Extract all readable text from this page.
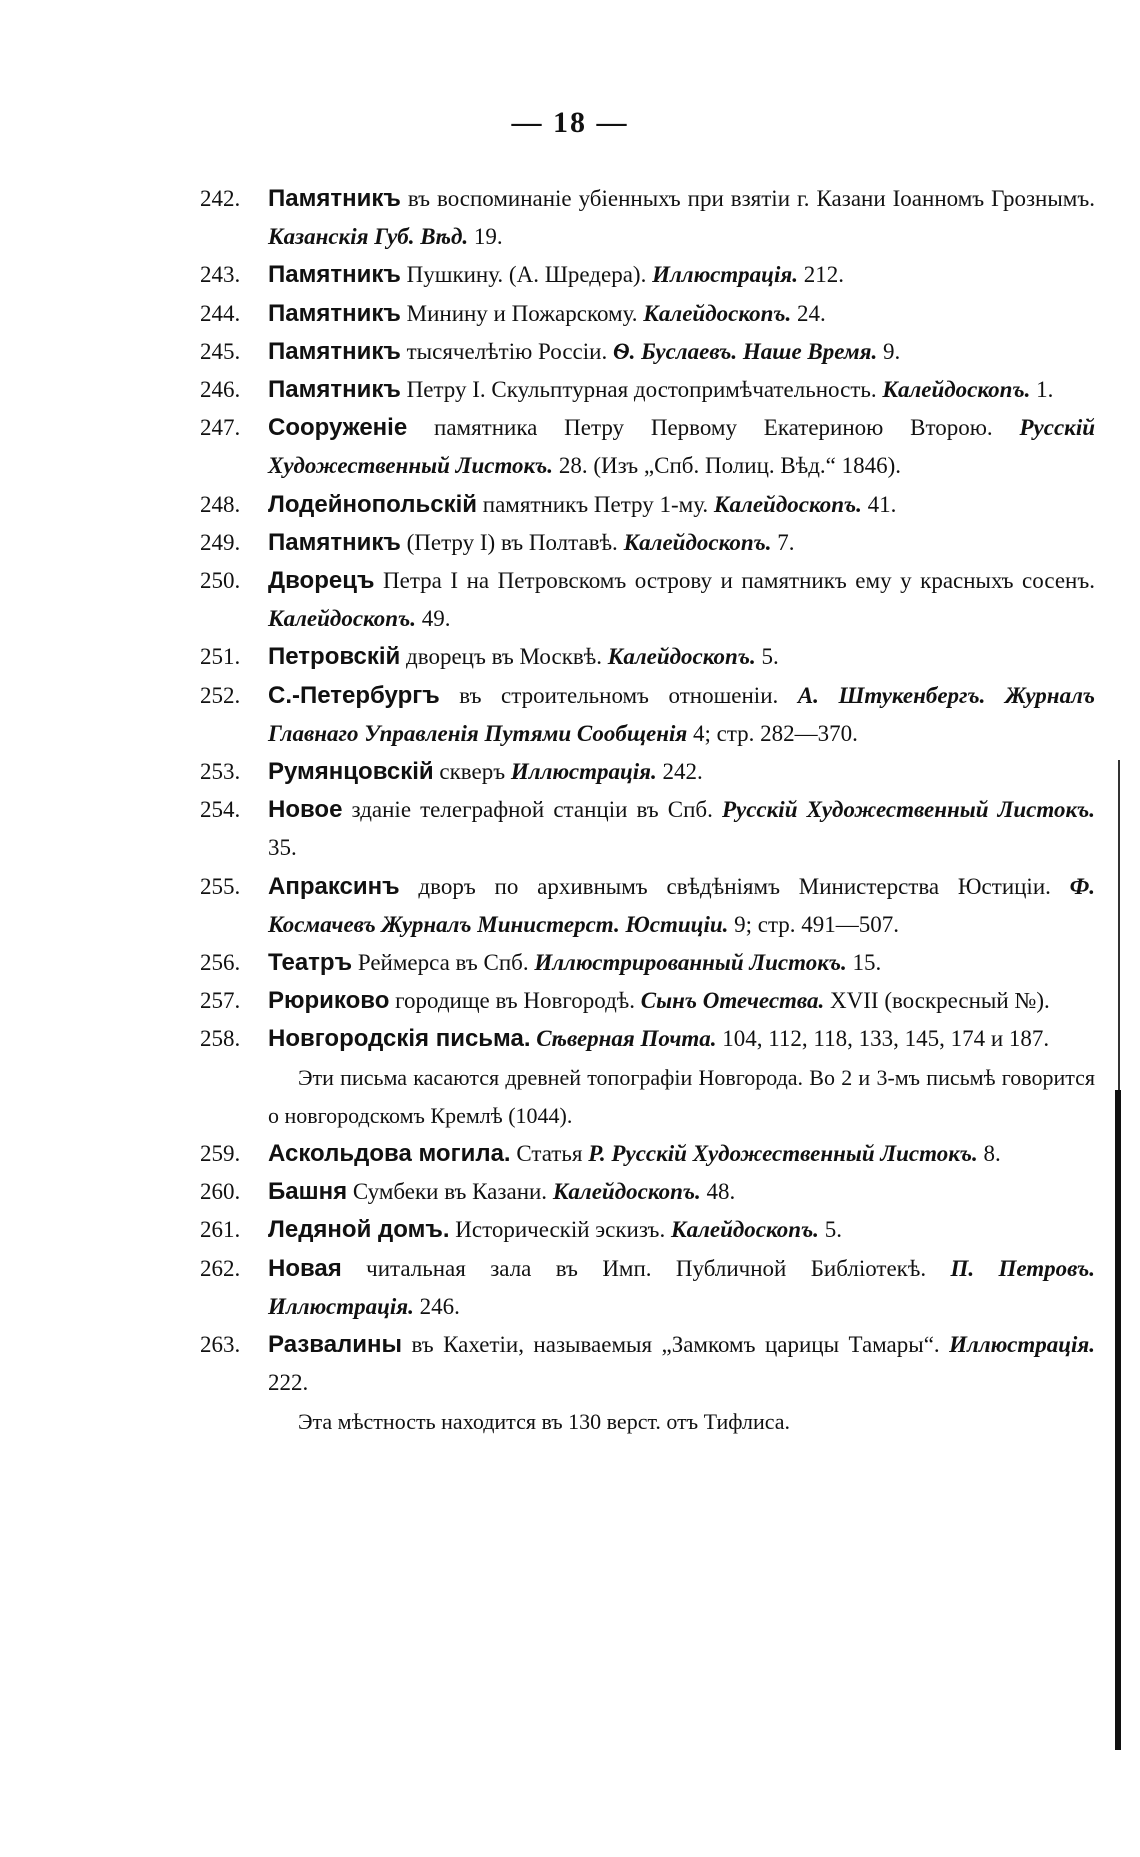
— 18 —
242. Памятникъ въ воспоминаніе убіенныхъ при взятіи г. Казани Іоанномъ Грознымъ. Казанскія Губ. Вѣд. 19.
243. Памятникъ Пушкину. (А. Шредера). Иллюстрація. 212.
244. Памятникъ Минину и Пожарскому. Калейдоскопъ. 24.
245. Памятникъ тысячелѣтію Россіи. Ѳ. Буслаевъ. Наше Время. 9.
246. Памятникъ Петру I. Скульптурная достопримѣчательность. Калейдоскопъ. 1.
247. Сооруженіе памятника Петру Первому Екатериною Второю. Русскій Художественный Листокъ. 28. (Изъ „Спб. Полиц. Вѣд.“ 1846).
248. Лодейнопольскій памятникъ Петру 1-му. Калейдоскопъ. 41.
249. Памятникъ (Петру I) въ Полтавѣ. Калейдоскопъ. 7.
250. Дворецъ Петра I на Петровскомъ острову и памятникъ ему у красныхъ сосенъ. Калейдоскопъ. 49.
251. Петровскій дворецъ въ Москвѣ. Калейдоскопъ. 5.
252. С.-Петербургъ въ строительномъ отношеніи. А. Штукенбергъ. Журналъ Главнаго Управленія Путями Сообщенія 4; стр. 282—370.
253. Румянцовскій скверъ Иллюстрація. 242.
254. Новое зданіе телеграфной станціи въ Спб. Русскій Художественный Листокъ. 35.
255. Апраксинъ дворъ по архивнымъ свѣдѣніямъ Министерства Юстиціи. Ф. Космачевъ Журналъ Министерст. Юстиціи. 9; стр. 491—507.
256. Театръ Реймерса въ Спб. Иллюстрированный Листокъ. 15.
257. Рюриково городище въ Новгородѣ. Сынъ Отечества. XVII (воскресный №).
258. Новгородскія письма. Сѣверная Почта. 104, 112, 118, 133, 145, 174 и 187.
Эти письма касаются древней топографіи Новгорода. Во 2 и 3-мъ письмѣ говорится о новгородскомъ Кремлѣ (1044).
259. Аскольдова могила. Статья Р. Русскій Художественный Листокъ. 8.
260. Башня Сумбеки въ Казани. Калейдоскопъ. 48.
261. Ледяной домъ. Историческій эскизъ. Калейдоскопъ. 5.
262. Новая читальная зала въ Имп. Публичной Библіотекѣ. П. Петровъ. Иллюстрація. 246.
263. Развалины въ Кахетіи, называемыя „Замкомъ царицы Тамары“. Иллюстрація. 222.
Эта мѣстность находится въ 130 верст. отъ Тифлиса.
